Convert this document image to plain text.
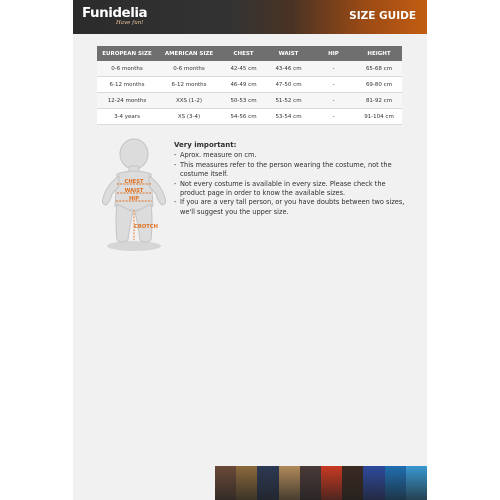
Funidelia
Have fun!
SIZE GUIDE
EUROPEAN SIZE	AMERICAN SIZE	CHEST	WAIST	HIP	HEIGHT
0-6 months	0-6 months	42-45 cm	43-46 cm	-	65-68 cm
6-12 months	6-12 months	46-49 cm	47-50 cm	-	69-80 cm
12-24 months	XXS (1-2)	50-53 cm	51-52 cm	-	81-92 cm
3-4 years	XS (3-4)	54-56 cm	53-54 cm	-	91-104 cm
CHEST
WAIST
HIP
CROTCH
Very important:
- Aprox. measure on cm.
- This measures refer to the person wearing the costume, not the costume itself.
- Not every costume is available in every size. Please check the product page in order to know the available sizes.
- If you are a very tall person, or you have doubts between two sizes, we'll suggest you the upper size.
